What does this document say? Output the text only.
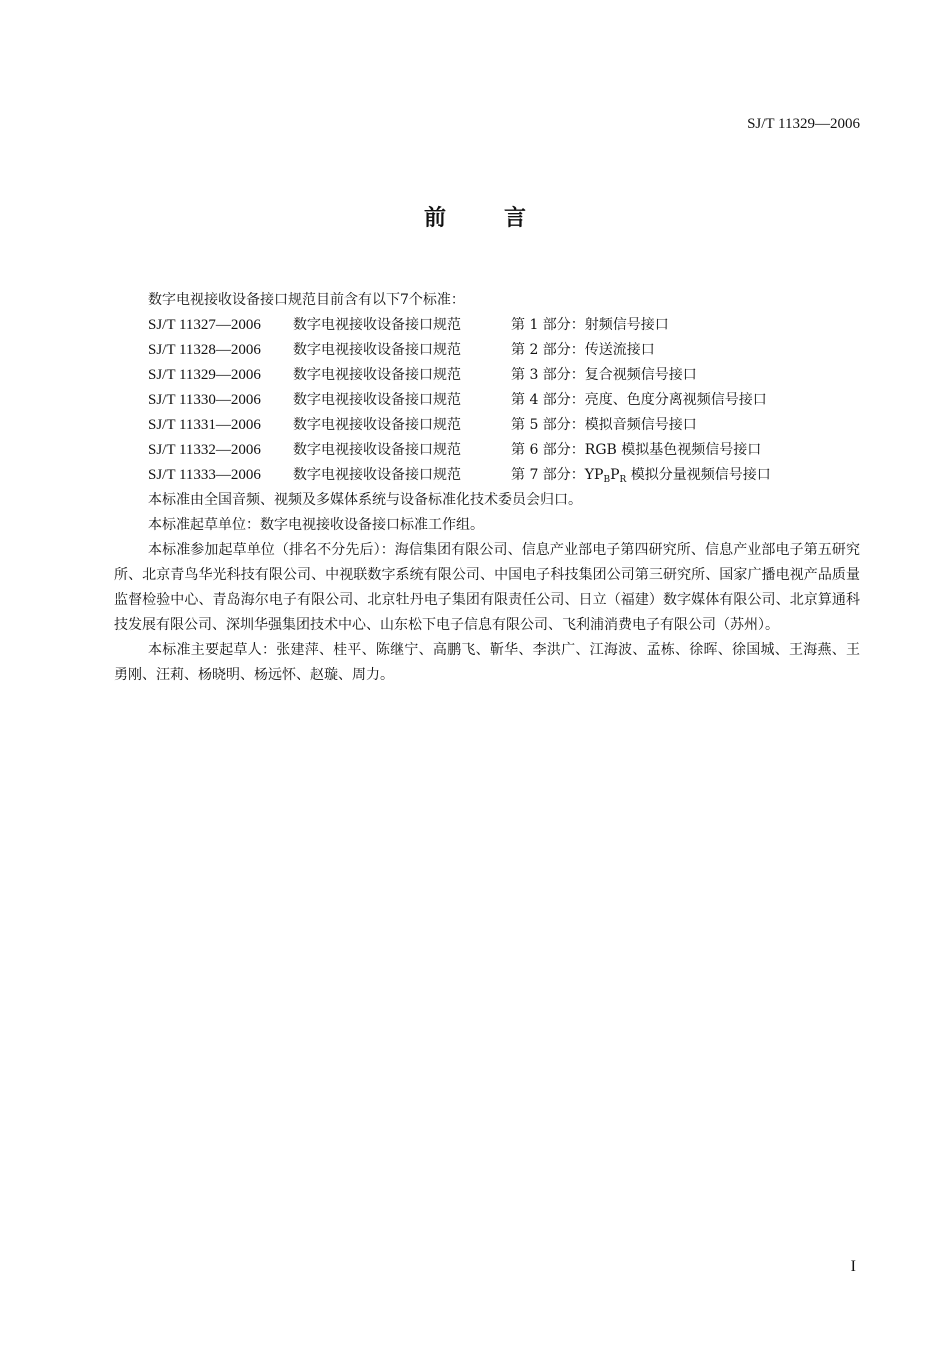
SJ/T 11329—2006
前言
数字电视接收设备接口规范目前含有以下7个标准：
SJ/T 11327—2006	数字电视接收设备接口规范	第 1 部分：射频信号接口
SJ/T 11328—2006	数字电视接收设备接口规范	第 2 部分：传送流接口
SJ/T 11329—2006	数字电视接收设备接口规范	第 3 部分：复合视频信号接口
SJ/T 11330—2006	数字电视接收设备接口规范	第 4 部分：亮度、色度分离视频信号接口
SJ/T 11331—2006	数字电视接收设备接口规范	第 5 部分：模拟音频信号接口
SJ/T 11332—2006	数字电视接收设备接口规范	第 6 部分：RGB 模拟基色视频信号接口
SJ/T 11333—2006	数字电视接收设备接口规范	第 7 部分：$YP_BP_R$ 模拟分量视频信号接口
本标准由全国音频、视频及多媒体系统与设备标准化技术委员会归口。
本标准起草单位：数字电视接收设备接口标准工作组。

本标准参加起草单位（排名不分先后）：海信集团有限公司、信息产业部电子第四研究所、信息产业部电子第五研究所、北京青鸟华光科技有限公司、中视联数字系统有限公司、中国电子科技集团公司第三研究所、国家广播电视产品质量监督检验中心、青岛海尔电子有限公司、北京牡丹电子集团有限责任公司、日立（福建）数字媒体有限公司、北京算通科技发展有限公司、深圳华强集团技术中心、山东松下电子信息有限公司、飞利浦消费电子有限公司（苏州）。

本标准主要起草人：张建萍、桂平、陈继宁、高鹏飞、靳华、李洪广、江海波、孟栋、徐晖、徐国城、王海燕、王勇刚、汪莉、杨晓明、杨远怀、赵璇、周力。

I
